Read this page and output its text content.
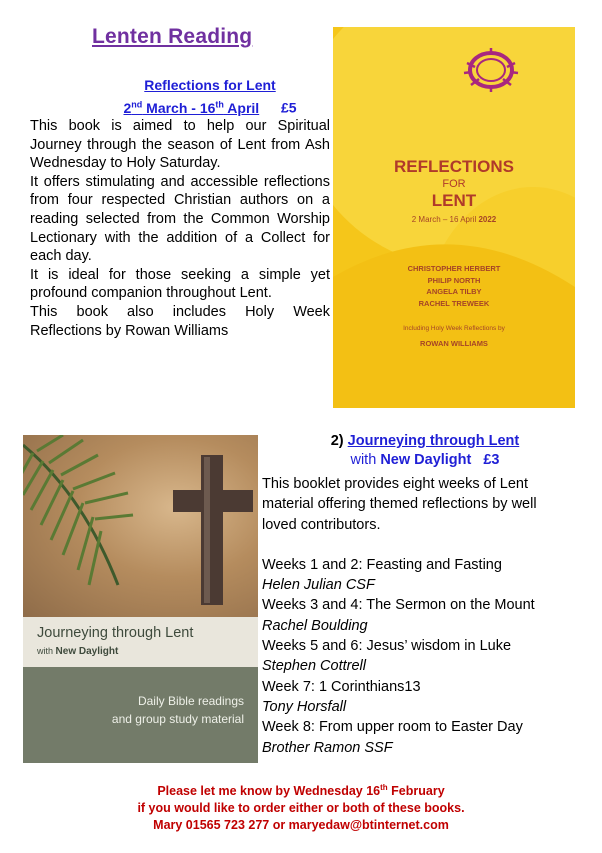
Lenten Reading
Reflections for Lent
2nd March - 16th April £5

This book is aimed to help our Spiritual Journey through the season of Lent from Ash Wednesday to Holy Saturday.

It offers stimulating and accessible reflections from four respected Christian authors on a reading selected from the Common Worship Lectionary with the addition of a Collect for each day.

It is ideal for those seeking a simple yet profound companion throughout Lent.

This book also includes Holy Week Reflections by Rowan Williams

REFLECTIONS
FOR
LENT
2 March – 16 April 2022
CHRISTOPHER HERBERT
PHILIP NORTH
ANGELA TILBY
RACHEL TREWEEK
Including Holy Week Reflections by
ROWAN WILLIAMS
2) Journeying through Lent
with New Daylight £3
This booklet provides eight weeks of Lent material offering themed reflections by well loved contributors.
Weeks 1 and 2: Feasting and Fasting
Helen Julian CSF
Weeks 3 and 4: The Sermon on the Mount
Rachel Boulding
Weeks 5 and 6: Jesus’ wisdom in Luke
Stephen Cottrell
Week 7: 1 Corinthians13
Tony Horsfall
Week 8: From upper room to Easter Day
Brother Ramon SSF
Journeying through Lent
with New Daylight
Daily Bible readings
and group study material
Please let me know by Wednesday 16th February
if you would like to order either or both of these books.
Mary 01565 723 277 or maryedaw@btinternet.com
